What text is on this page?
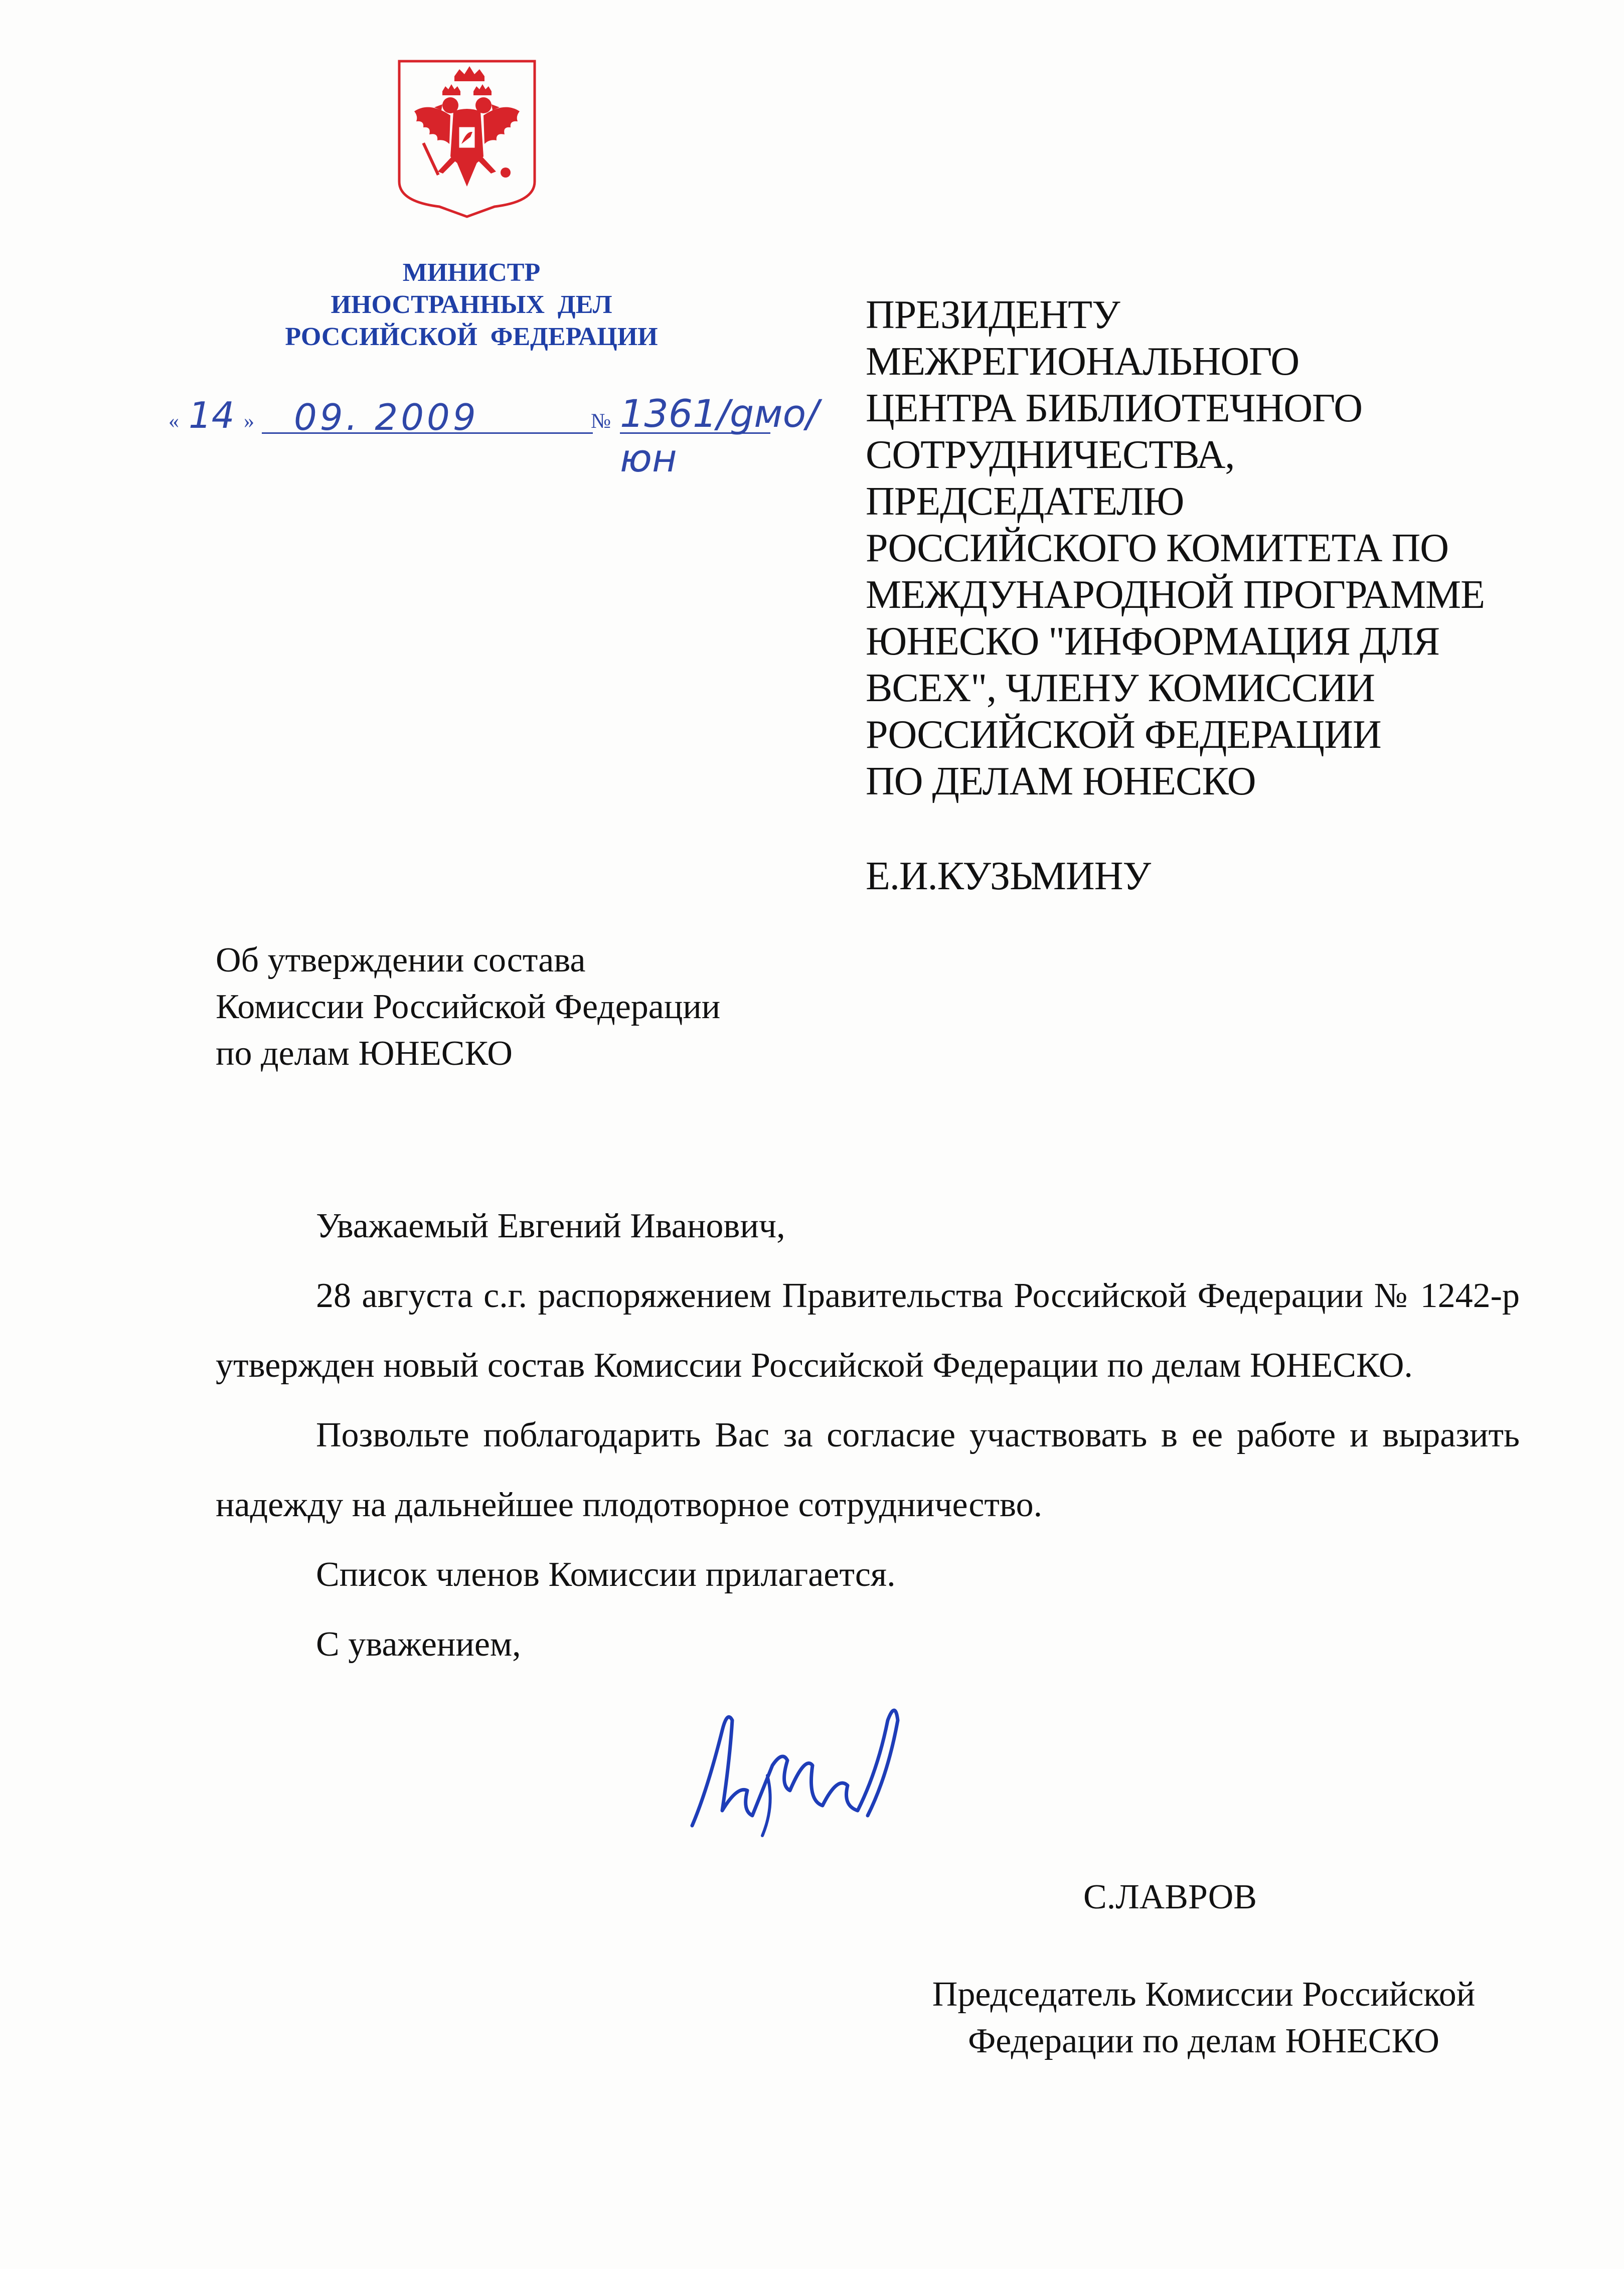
МИНИСТР
ИНОСТРАННЫХ  ДЕЛ
РОССИЙСКОЙ  ФЕДЕРАЦИИ
« 14 » 09. 2009	№ 1361/gмо/юн
ПРЕЗИДЕНТУ
МЕЖРЕГИОНАЛЬНОГО
ЦЕНТРА БИБЛИОТЕЧНОГО
СОТРУДНИЧЕСТВА,
ПРЕДСЕДАТЕЛЮ
РОССИЙСКОГО КОМИТЕТА ПО
МЕЖДУНАРОДНОЙ ПРОГРАММЕ
ЮНЕСКО "ИНФОРМАЦИЯ ДЛЯ
ВСЕХ", ЧЛЕНУ КОМИССИИ
РОССИЙСКОЙ ФЕДЕРАЦИИ
ПО ДЕЛАМ ЮНЕСКО
Е.И.КУЗЬМИНУ
Об утверждении состава
Комиссии Российской Федерации
по делам ЮНЕСКО

Уважаемый Евгений Иванович,

28 августа с.г. распоряжением Правительства Российской Федерации № 1242-р утвержден новый состав Комиссии Российской Федерации по делам ЮНЕСКО.

Позвольте поблагодарить Вас за согласие участвовать в ее работе и выразить надежду на дальнейшее плодотворное сотрудничество.

Список членов Комиссии прилагается.

С уважением,

С.ЛАВРОВ
Председатель Комиссии Российской
Федерации по делам ЮНЕСКО
